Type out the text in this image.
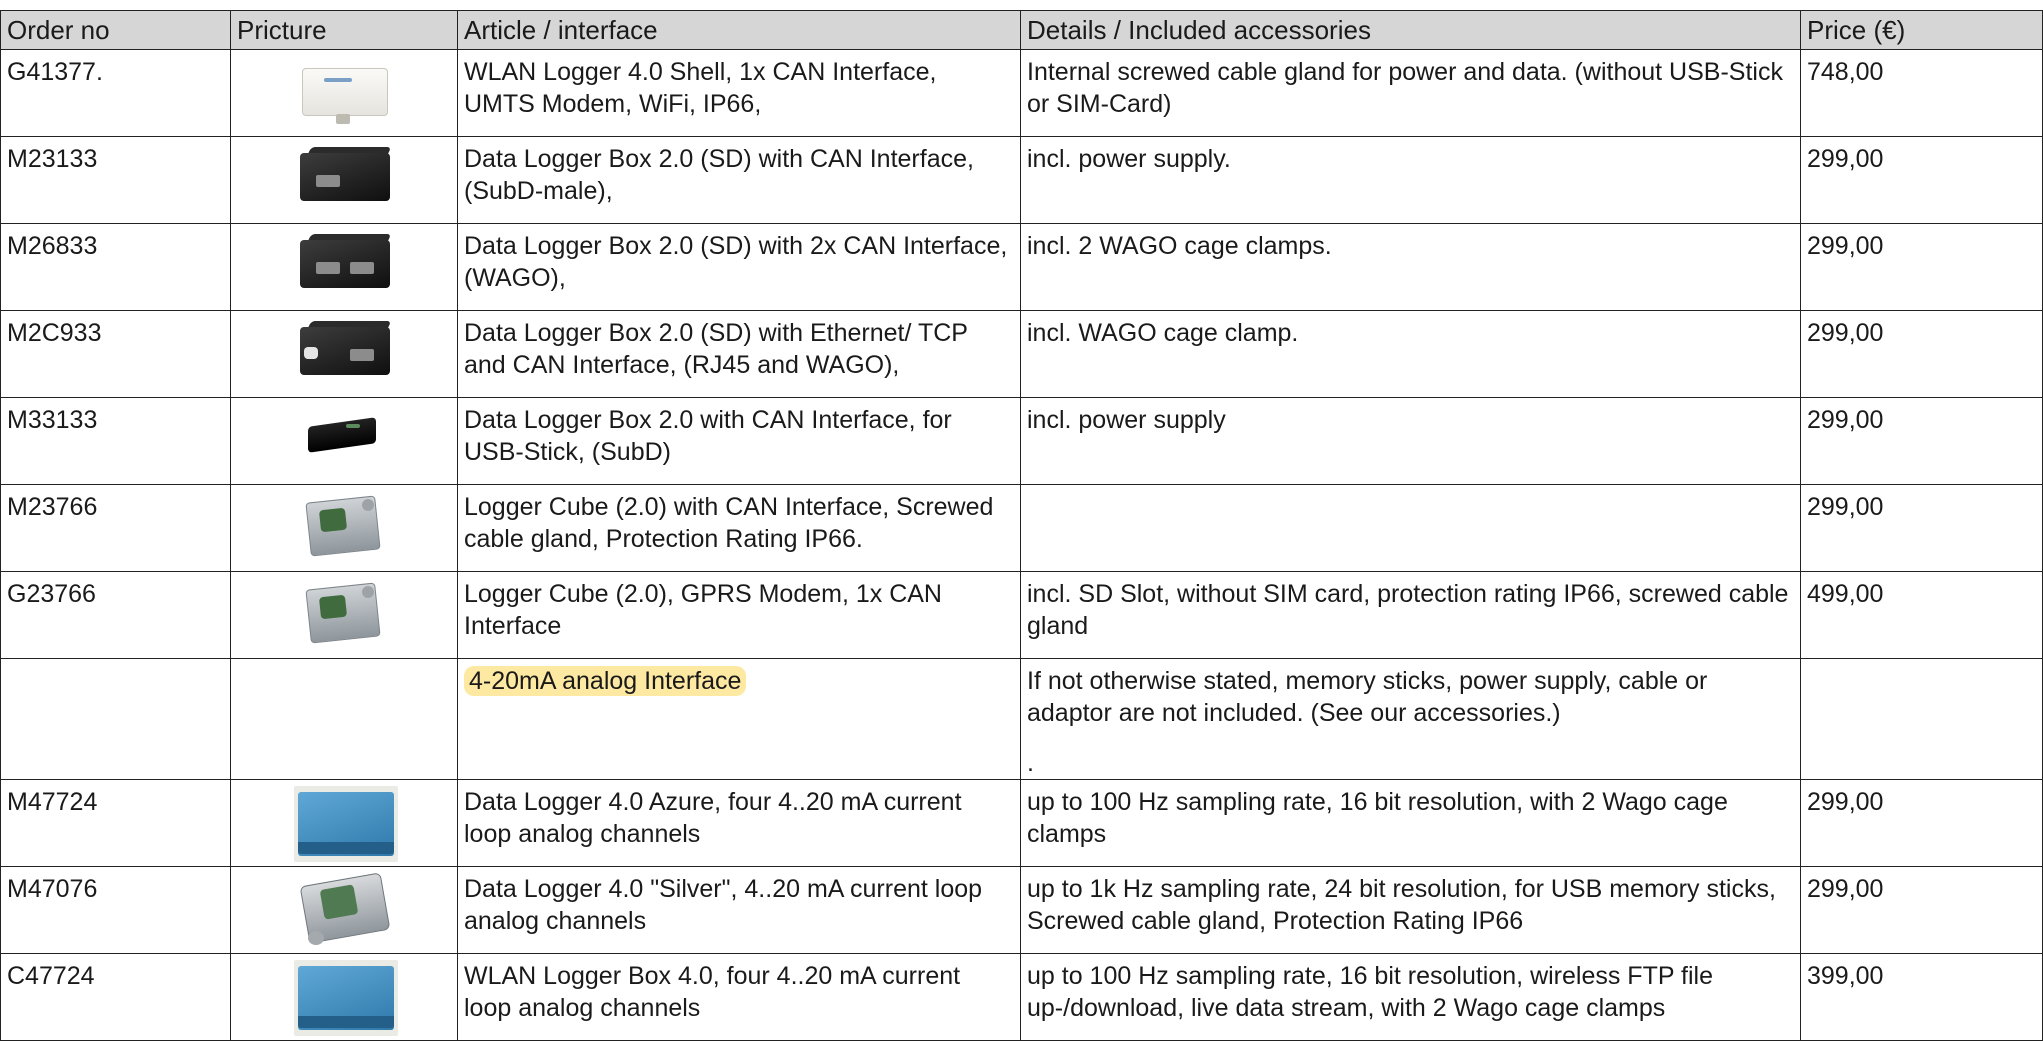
Order no	Pricture	Article / interface	Details / Included accessories	Price (€)
G41377.		WLAN Logger 4.0 Shell, 1x CAN Interface, UMTS Modem, WiFi, IP66,	Internal screwed cable gland for power and data. (without USB-Stick or SIM-Card)	748,00
M23133		Data Logger Box 2.0 (SD) with CAN Interface, (SubD-male),	incl. power supply.	299,00
M26833		Data Logger Box 2.0 (SD) with 2x CAN Interface, (WAGO),	incl. 2 WAGO cage clamps.	299,00
M2C933		Data Logger Box 2.0 (SD) with Ethernet/ TCP and CAN Interface, (RJ45 and WAGO),	incl. WAGO cage clamp.	299,00
M33133		Data Logger Box 2.0 with CAN Interface, for USB-Stick, (SubD)	incl. power supply	299,00
M23766		Logger Cube (2.0) with CAN Interface, Screwed cable gland, Protection Rating IP66.		299,00
G23766		Logger Cube (2.0), GPRS Modem, 1x CAN Interface	incl. SD Slot, without SIM card, protection rating IP66, screwed cable gland	499,00
		4-20mA analog Interface	If not otherwise stated, memory sticks, power supply, cable or adaptor are not included. (See our accessories.)
.	

M47724		Data Logger 4.0 Azure, four 4..20 mA current loop analog channels	up to 100 Hz sampling rate, 16 bit resolution, with 2 Wago cage clamps	299,00
M47076		Data Logger 4.0 "Silver", 4..20 mA current loop analog channels	up to 1k Hz sampling rate, 24 bit resolution, for USB memory sticks, Screwed cable gland, Protection Rating IP66	299,00
C47724		WLAN Logger Box 4.0, four 4..20 mA current loop analog channels	up to 100 Hz sampling rate, 16 bit resolution, wireless FTP file up-/download, live data stream, with 2 Wago cage clamps	399,00
